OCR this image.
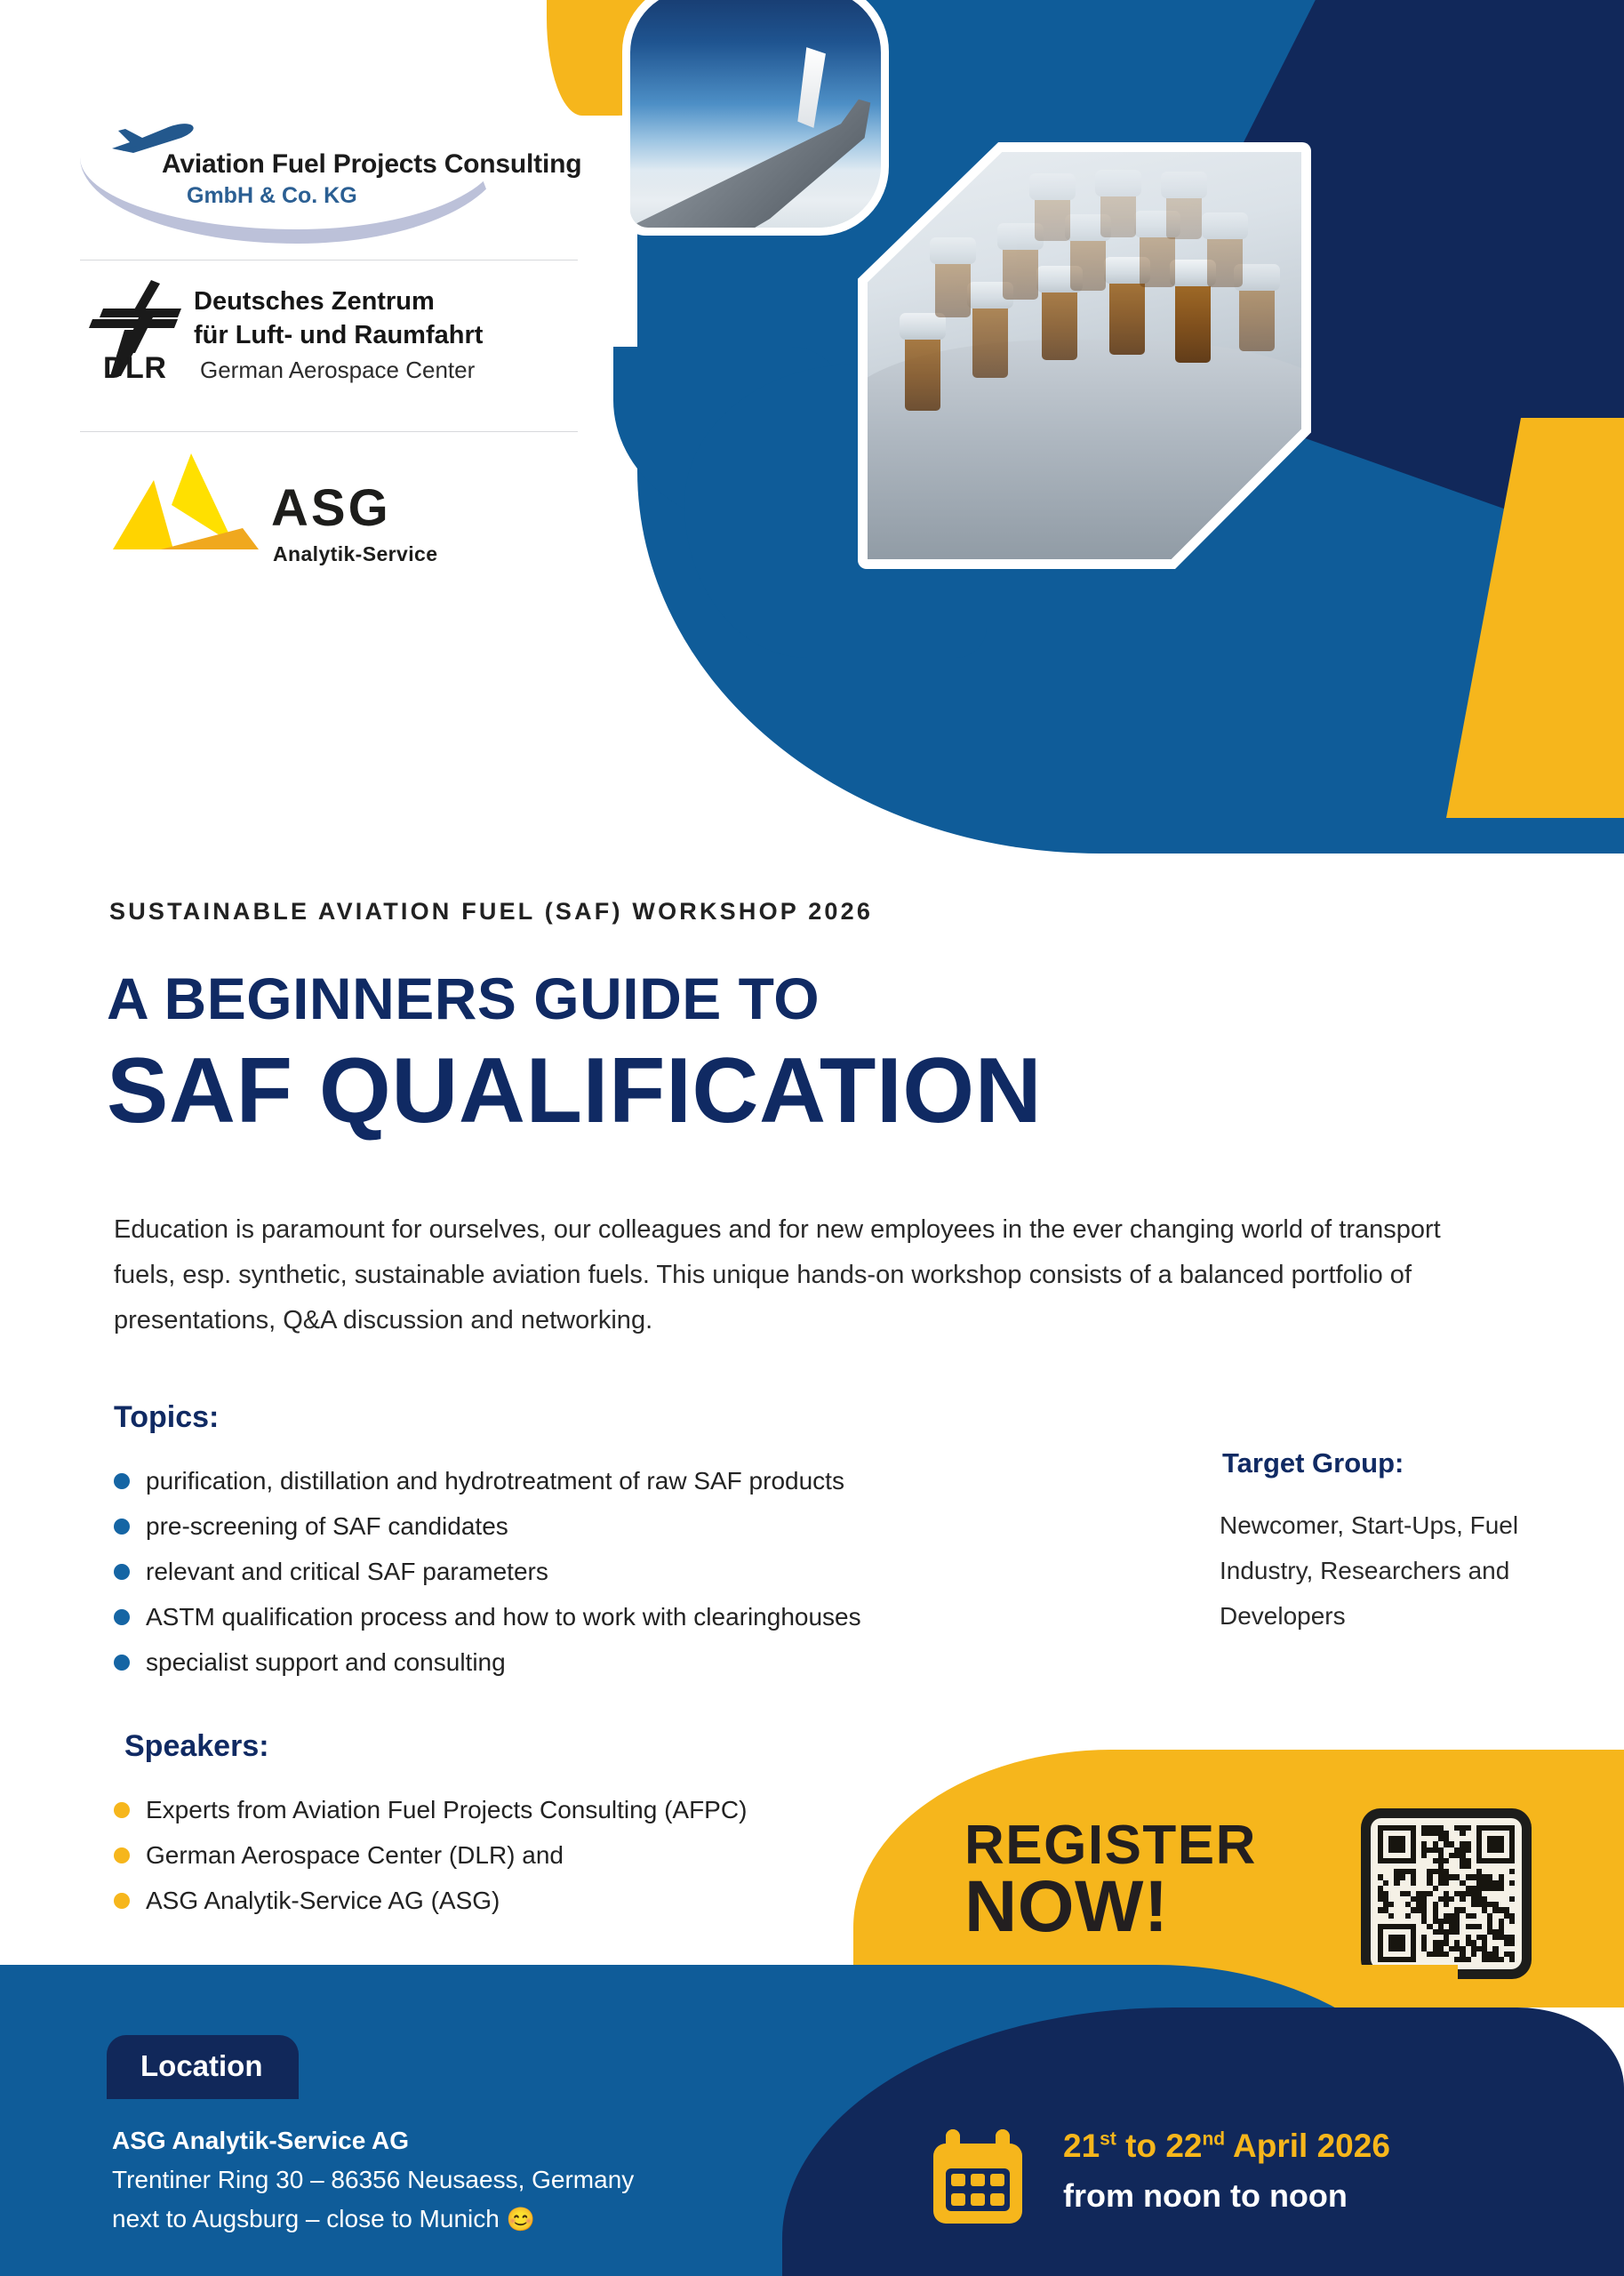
Aviation Fuel Projects Consulting
GmbH & Co. KG
DLR
Deutsches Zentrum
für Luft- und Raumfahrt
German Aerospace Center
ASG
Analytik-Service
SUSTAINABLE AVIATION FUEL (SAF) WORKSHOP 2026
A BEGINNERS GUIDE TO
SAF QUALIFICATION
Education is paramount for ourselves, our colleagues and for new employees in the ever changing world of transport fuels, esp. synthetic, sustainable aviation fuels. This unique hands-on workshop consists of a balanced portfolio of presentations, Q&A discussion and networking.
Topics:
purification, distillation and hydrotreatment of raw SAF products
pre-screening of SAF candidates
relevant and critical SAF parameters
ASTM qualification process and how to work with clearinghouses
specialist support and consulting
Target Group:
Newcomer, Start-Ups, Fuel Industry, Researchers and Developers
REGISTER
NOW!
Speakers:
Experts from Aviation Fuel Projects Consulting (AFPC)
German Aerospace Center (DLR) and
ASG Analytik-Service AG (ASG)
Location
ASG Analytik-Service AG
Trentiner Ring 30 – 86356 Neusaess, Germany
next to Augsburg – close to Munich 😊
21st to 22nd April 2026
from noon to noon
